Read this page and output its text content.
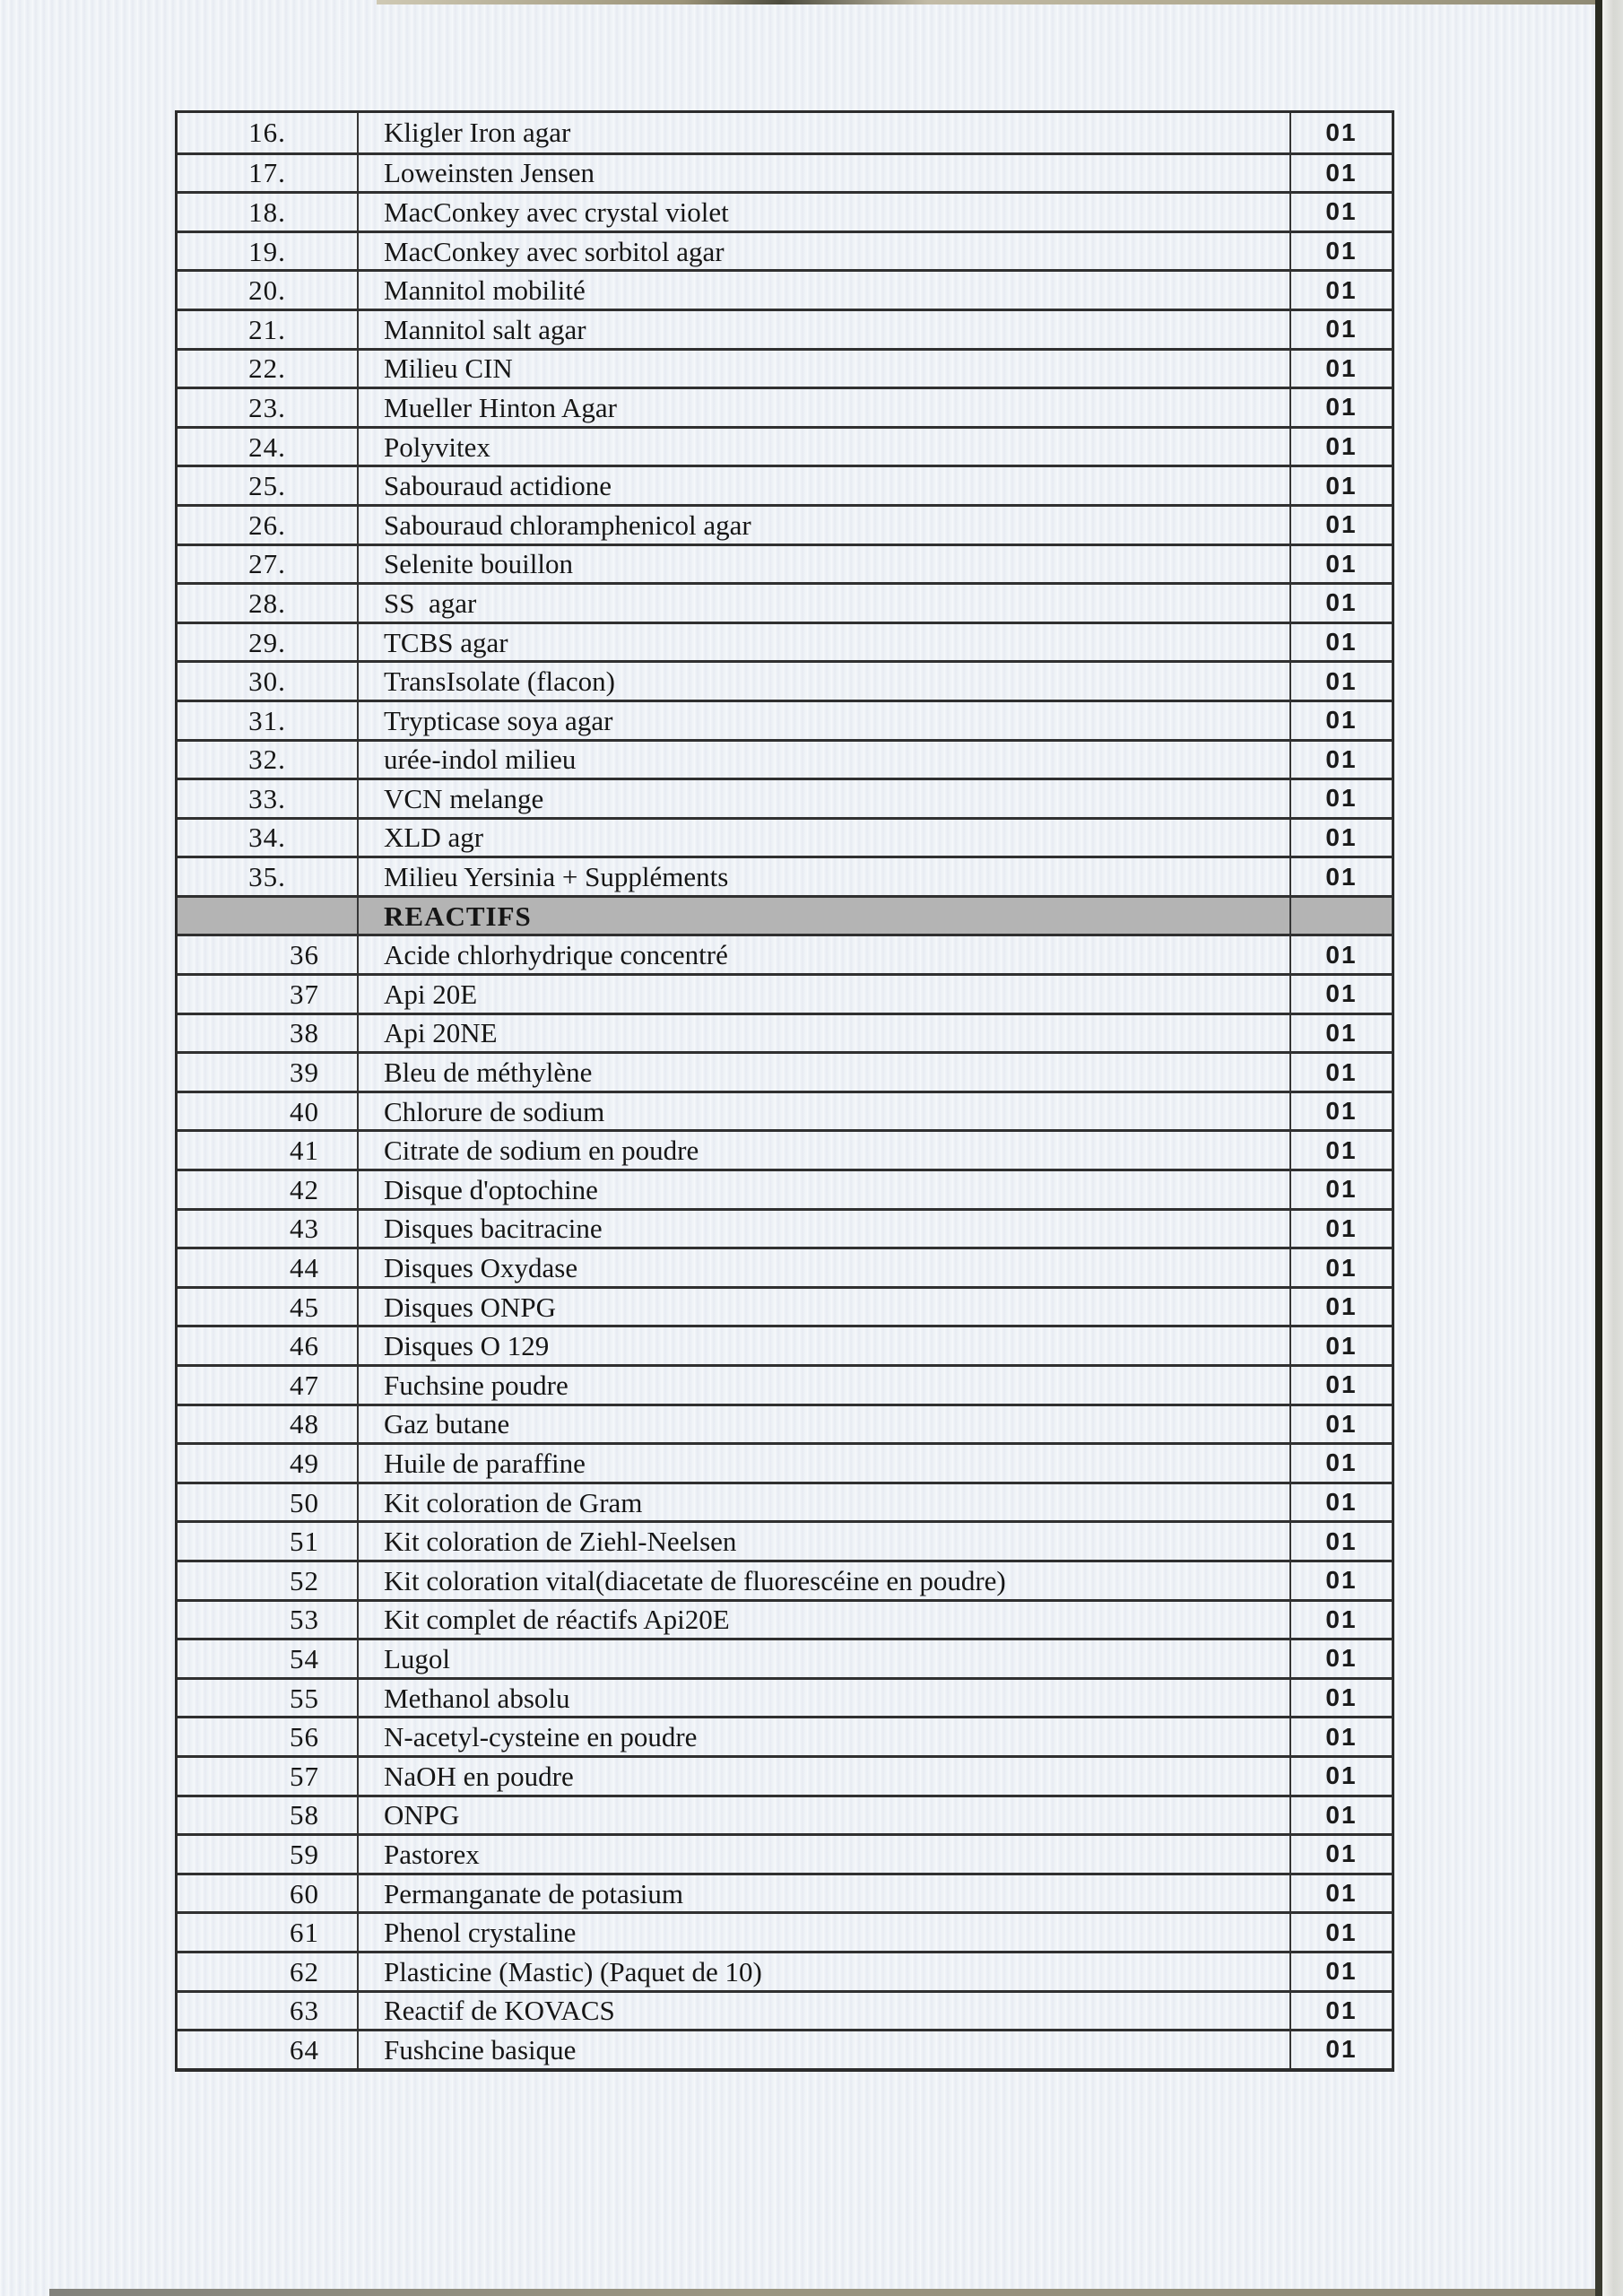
16.	Kligler Iron agar	01
17.	Loweinsten Jensen	01
18.	MacConkey avec crystal violet	01
19.	MacConkey avec sorbitol agar	01
20.	Mannitol mobilité	01
21.	Mannitol salt agar	01
22.	Milieu CIN	01
23.	Mueller Hinton Agar	01
24.	Polyvitex	01
25.	Sabouraud actidione	01
26.	Sabouraud chloramphenicol agar	01
27.	Selenite bouillon	01
28.	SS  agar	01
29.	TCBS agar	01
30.	TransIsolate (flacon)	01
31.	Trypticase soya agar	01
32.	urée-indol milieu	01
33.	VCN melange	01
34.	XLD agr	01
35.	Milieu Yersinia + Suppléments	01
REACTIFS
36	Acide chlorhydrique concentré	01
37	Api 20E	01
38	Api 20NE	01
39	Bleu de méthylène	01
40	Chlorure de sodium	01
41	Citrate de sodium en poudre	01
42	Disque d'optochine	01
43	Disques bacitracine	01
44	Disques Oxydase	01
45	Disques ONPG	01
46	Disques O 129	01
47	Fuchsine poudre	01
48	Gaz butane	01
49	Huile de paraffine	01
50	Kit coloration de Gram	01
51	Kit coloration de Ziehl-Neelsen	01
52	Kit coloration vital(diacetate de fluorescéine en poudre)	01
53	Kit complet de réactifs Api20E	01
54	Lugol	01
55	Methanol absolu	01
56	N-acetyl-cysteine en poudre	01
57	NaOH en poudre	01
58	ONPG	01
59	Pastorex	01
60	Permanganate de potasium	01
61	Phenol crystaline	01
62	Plasticine (Mastic) (Paquet de 10)	01
63	Reactif de KOVACS	01
64	Fushcine basique	01
